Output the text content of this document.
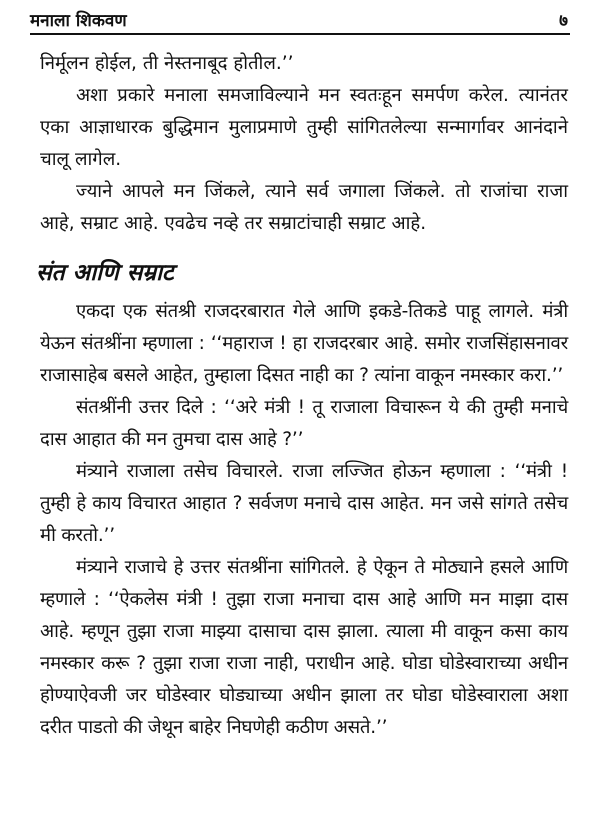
मनाला शिकवण	७

निर्मूलन होईल, ती नेस्तनाबूद होतील.’’

अशा प्रकारे मनाला समजाविल्याने मन स्वतःहून समर्पण करेल. त्यानंतर एका आज्ञाधारक बुद्धिमान मुलाप्रमाणे तुम्ही सांगितलेल्या सन्मार्गावर आनंदाने चालू लागेल.

ज्याने आपले मन जिंकले, त्याने सर्व जगाला जिंकले. तो राजांचा राजा आहे, सम्राट आहे. एवढेच नव्हे तर सम्राटांचाही सम्राट आहे.

संत आणि सम्राट

एकदा एक संतश्री राजदरबारात गेले आणि इकडे-तिकडे पाहू लागले. मंत्री येऊन संतश्रींना म्हणाला : ‘‘महाराज ! हा राजदरबार आहे. समोर राजसिंहासनावर राजासाहेब बसले आहेत, तुम्हाला दिसत नाही का ? त्यांना वाकून नमस्कार करा.’’

संतश्रींनी उत्तर दिले : ‘‘अरे मंत्री ! तू राजाला विचारून ये की तुम्ही मनाचे दास आहात की मन तुमचा दास आहे ?’’

मंत्र्याने राजाला तसेच विचारले. राजा लज्जित होऊन म्हणाला : ‘‘मंत्री ! तुम्ही हे काय विचारत आहात ? सर्वजण मनाचे दास आहेत. मन जसे सांगते तसेच मी करतो.’’

मंत्र्याने राजाचे हे उत्तर संतश्रींना सांगितले. हे ऐकून ते मोठ्याने हसले आणि म्हणाले : ‘‘ऐकलेस मंत्री ! तुझा राजा मनाचा दास आहे आणि मन माझा दास आहे. म्हणून तुझा राजा माझ्या दासाचा दास झाला. त्याला मी वाकून कसा काय नमस्कार करू ? तुझा राजा राजा नाही, पराधीन आहे. घोडा घोडेस्वाराच्या अधीन होण्याऐवजी जर घोडेस्वार घोड्याच्या अधीन झाला तर घोडा घोडेस्वाराला अशा दरीत पाडतो की जेथून बाहेर निघणेही कठीण असते.’’
